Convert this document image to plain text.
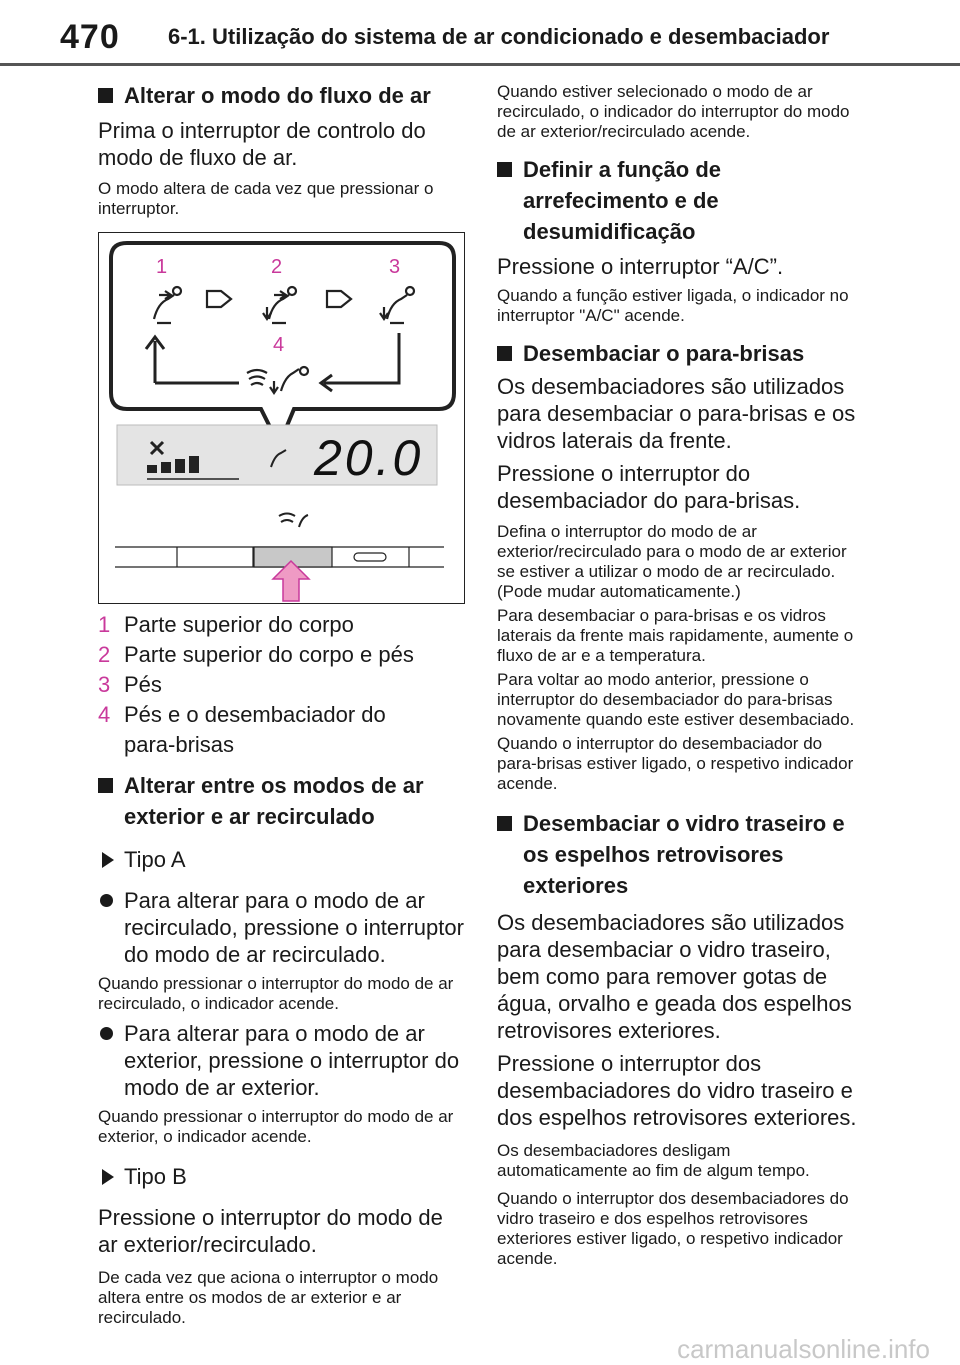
470 6-1. Utilização do sistema de ar condicionado e desembaciador

Alterar o modo do fluxo de ar

Prima o interruptor de controlo do modo de fluxo de ar.

O modo altera de cada vez que pressionar o interruptor.

1	2	3
4
20.0
1 Parte superior do corpo
2 Parte superior do corpo e pés
3 Pés
4 Pés e o desembaciador do para-brisas

Alterar entre os modos de ar exterior e ar recirculado

Tipo A

Para alterar para o modo de ar recirculado, pressione o interruptor do modo de ar recirculado.

Quando pressionar o interruptor do modo de ar recirculado, o indicador acende.

Para alterar para o modo de ar exterior, pressione o interruptor do modo de ar exterior.

Quando pressionar o interruptor do modo de ar exterior, o indicador acende.

Tipo B

Pressione o interruptor do modo de ar exterior/recirculado.

De cada vez que aciona o interruptor o modo altera entre os modos de ar exterior e ar recirculado.

Quando estiver selecionado o modo de ar recirculado, o indicador do interruptor do modo de ar exterior/recirculado acende.

Definir a função de arrefecimento e de desumidificação

Pressione o interruptor “A/C”.

Quando a função estiver ligada, o indicador no interruptor "A/C" acende.

Desembaciar o para-brisas

Os desembaciadores são utilizados para desembaciar o para-brisas e os vidros laterais da frente.

Pressione o interruptor do desembaciador do para-brisas.

Defina o interruptor do modo de ar exterior/recirculado para o modo de ar exterior se estiver a utilizar o modo de ar recirculado. (Pode mudar automaticamente.)

Para desembaciar o para-brisas e os vidros laterais da frente mais rapidamente, aumente o fluxo de ar e a temperatura.

Para voltar ao modo anterior, pressione o interruptor do desembaciador do para-brisas novamente quando este estiver desembaciado.

Quando o interruptor do desembaciador do para-brisas estiver ligado, o respetivo indicador acende.

Desembaciar o vidro traseiro e os espelhos retrovisores exteriores

Os desembaciadores são utilizados para desembaciar o vidro traseiro, bem como para remover gotas de água, orvalho e geada dos espelhos retrovisores exteriores.

Pressione o interruptor dos desembaciadores do vidro traseiro e dos espelhos retrovisores exteriores.

Os desembaciadores desligam automaticamente ao fim de algum tempo.

Quando o interruptor dos desembaciadores do vidro traseiro e dos espelhos retrovisores exteriores estiver ligado, o respetivo indicador acende.

carmanualsonline.info
